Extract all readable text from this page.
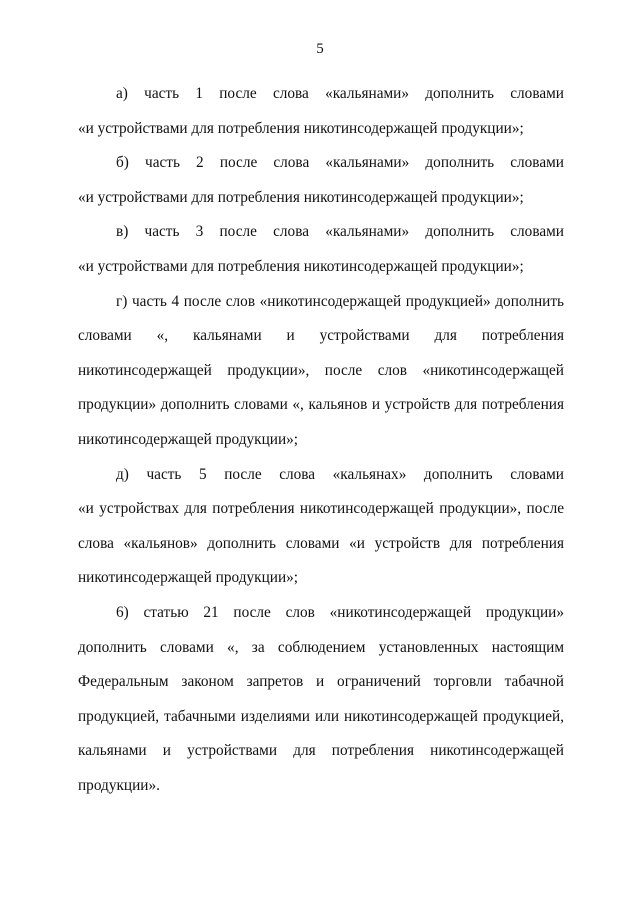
5
а) часть 1 после слова «кальянами» дополнить словами
«и устройствами для потребления никотинсодержащей продукции»;
б) часть 2 после слова «кальянами» дополнить словами
«и устройствами для потребления никотинсодержащей продукции»;
в) часть 3 после слова «кальянами» дополнить словами
«и устройствами для потребления никотинсодержащей продукции»;
г) часть 4 после слов «никотинсодержащей продукцией» дополнить
словами «, кальянами и устройствами для потребления
никотинсодержащей продукции», после слов «никотинсодержащей
продукции» дополнить словами «, кальянов и устройств для потребления
никотинсодержащей продукции»;
д) часть 5 после слова «кальянах» дополнить словами
«и устройствах для потребления никотинсодержащей продукции», после
слова «кальянов» дополнить словами «и устройств для потребления
никотинсодержащей продукции»;
6) статью 21 после слов «никотинсодержащей продукции»
дополнить словами «, за соблюдением установленных настоящим
Федеральным законом запретов и ограничений торговли табачной
продукцией, табачными изделиями или никотинсодержащей продукцией,
кальянами и устройствами для потребления никотинсодержащей
продукции».
